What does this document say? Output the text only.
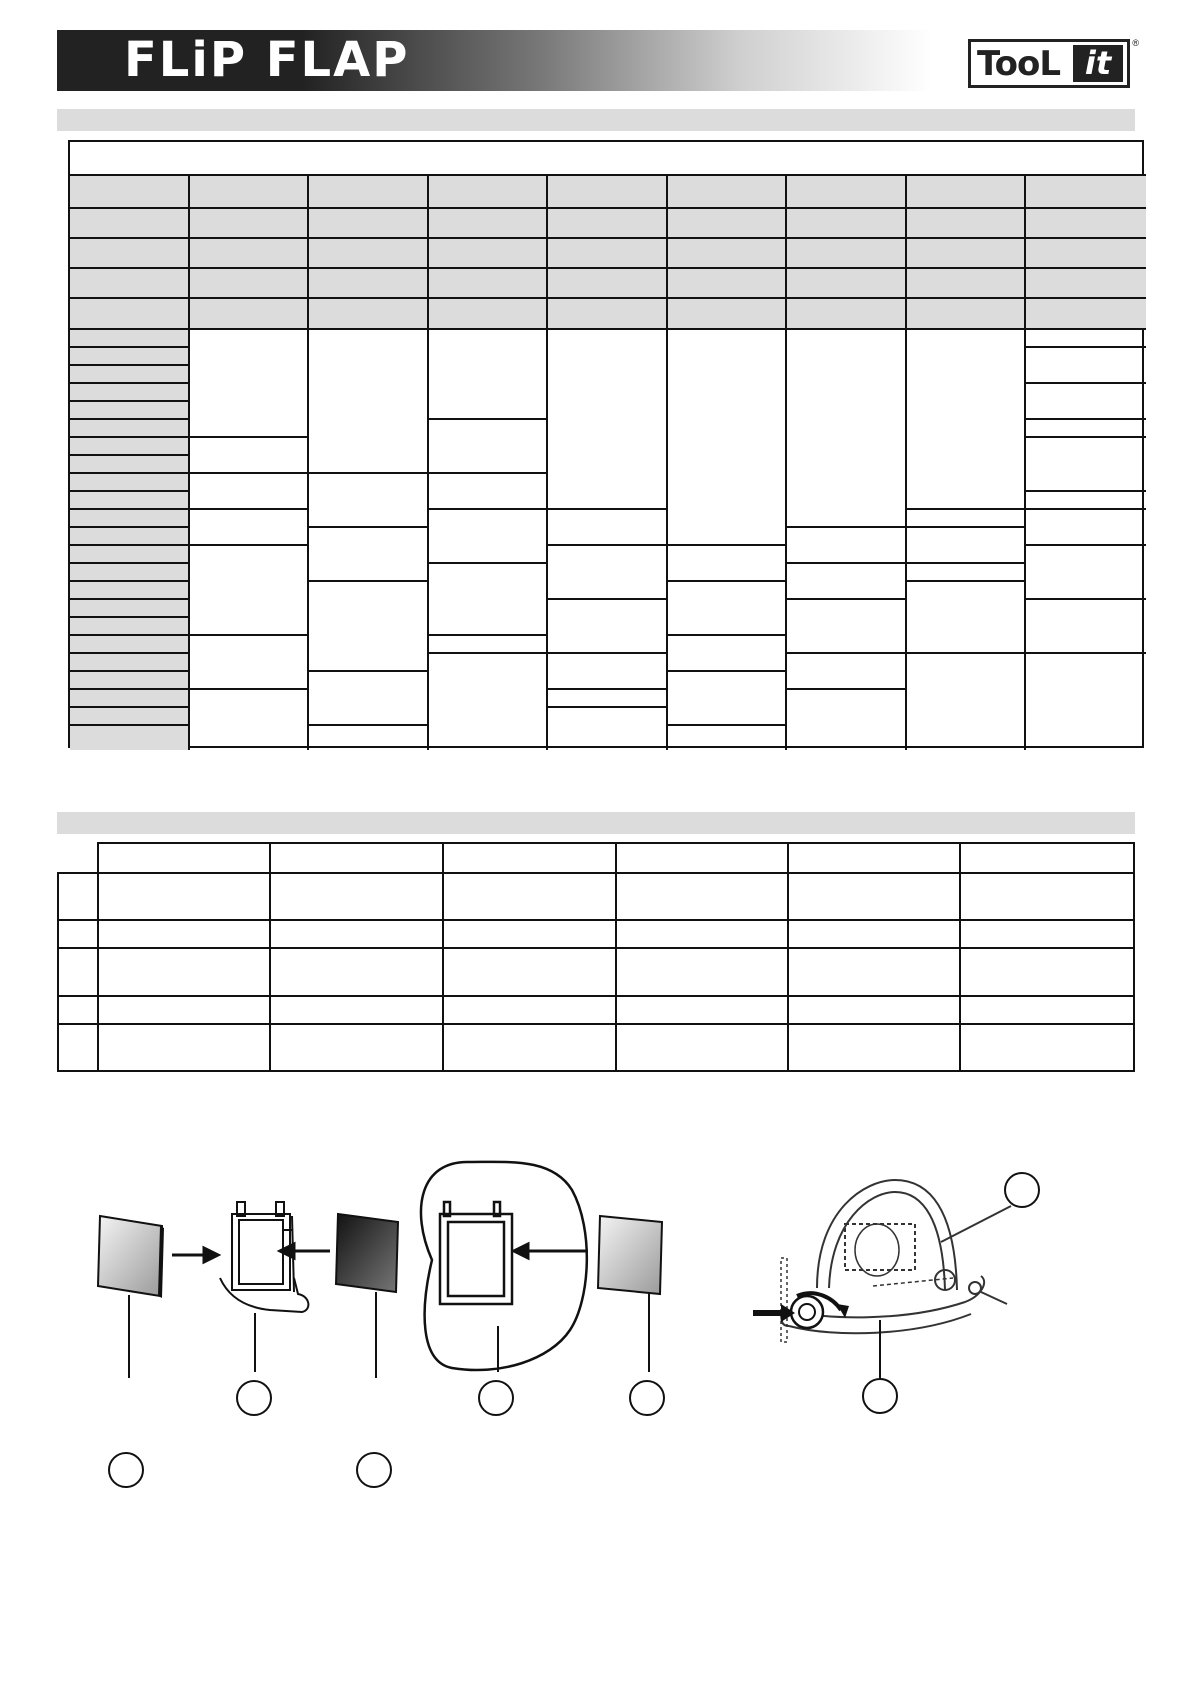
FLiP FLAP	TooL it
®
